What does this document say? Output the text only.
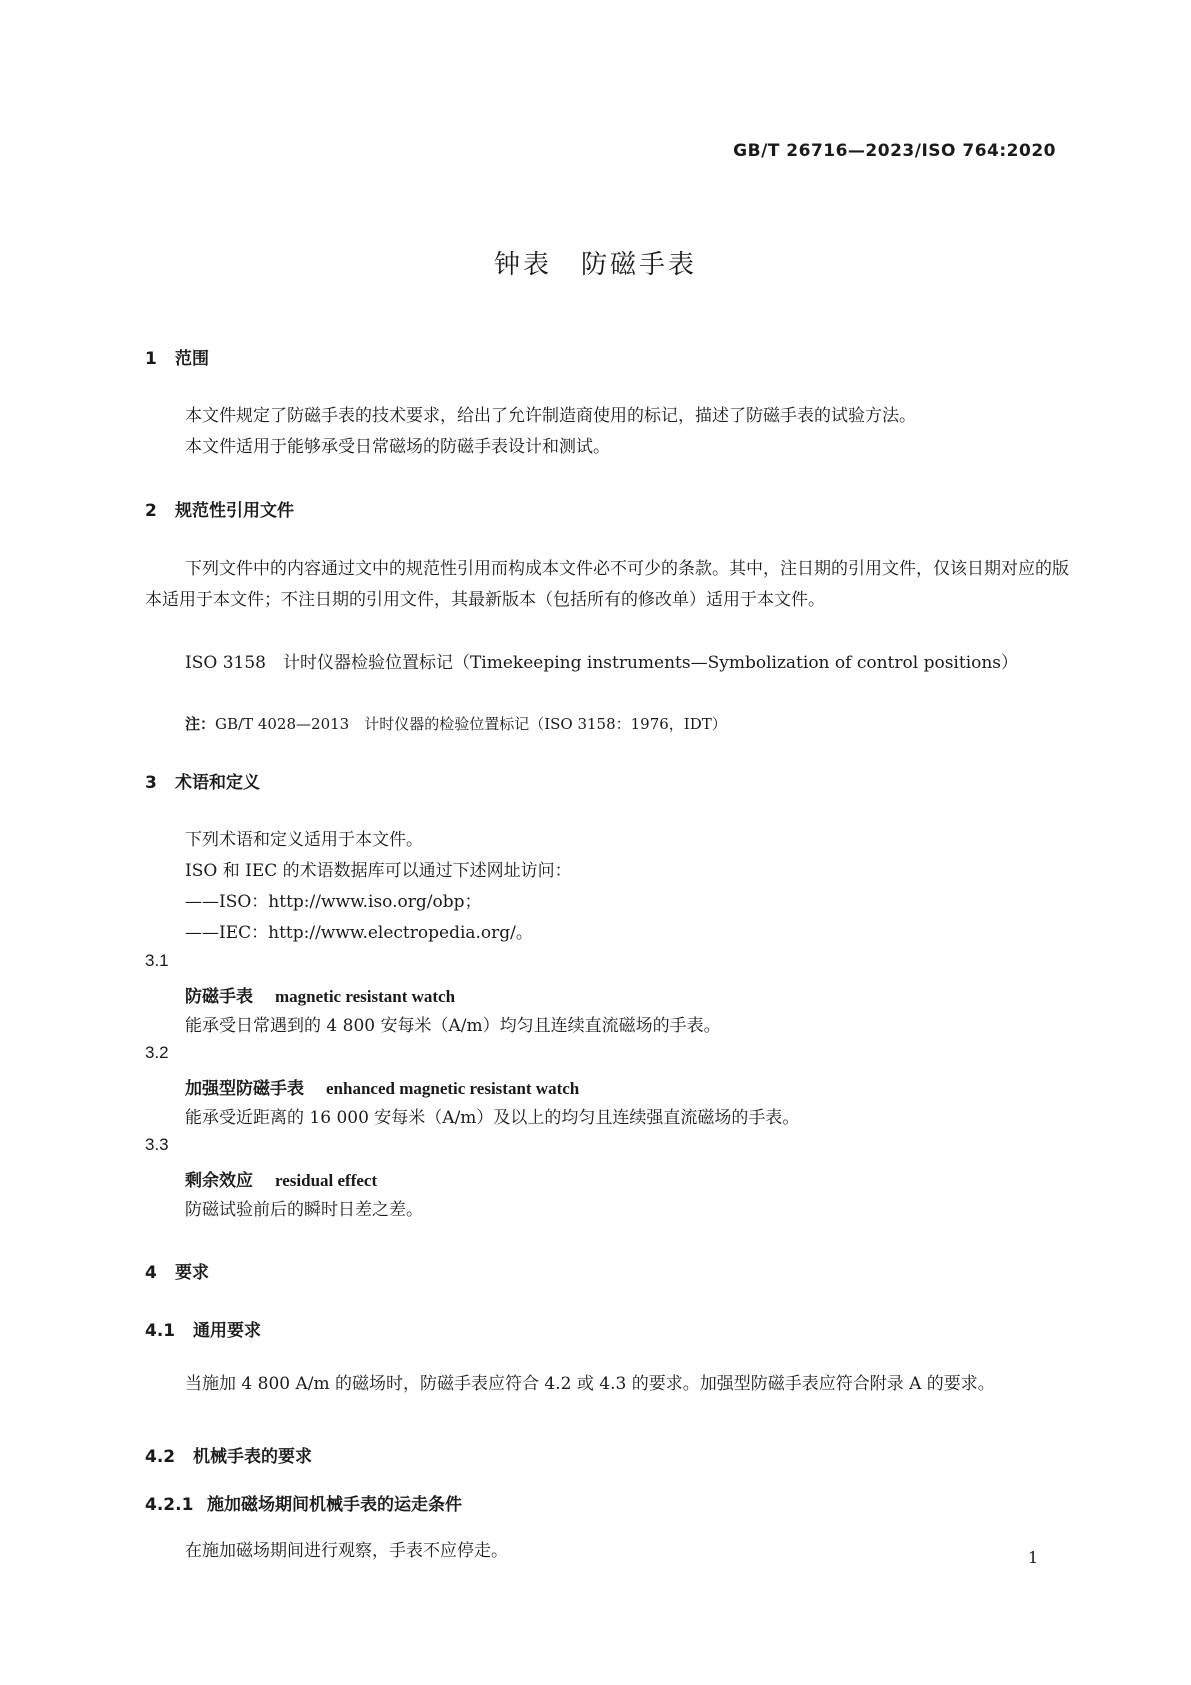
GB/T 26716—2023/ISO 764:2020
钟表　防磁手表
1 范围
本文件规定了防磁手表的技术要求，给出了允许制造商使用的标记，描述了防磁手表的试验方法。
本文件适用于能够承受日常磁场的防磁手表设计和测试。
2 规范性引用文件
下列文件中的内容通过文中的规范性引用而构成本文件必不可少的条款。其中，注日期的引用文件，仅该日期对应的版本适用于本文件；不注日期的引用文件，其最新版本（包括所有的修改单）适用于本文件。
ISO 3158　计时仪器检验位置标记（Timekeeping instruments—Symbolization of control positions）
注：GB/T 4028—2013　计时仪器的检验位置标记（ISO 3158：1976，IDT）
3 术语和定义
下列术语和定义适用于本文件。
ISO 和 IEC 的术语数据库可以通过下述网址访问：
——ISO：http://www.iso.org/obp；
——IEC：http://www.electropedia.org/。
3.1
防磁手表 magnetic resistant watch
能承受日常遇到的 4 800 安每米（A/m）均匀且连续直流磁场的手表。
3.2
加强型防磁手表 enhanced magnetic resistant watch
能承受近距离的 16 000 安每米（A/m）及以上的均匀且连续强直流磁场的手表。
3.3
剩余效应 residual effect
防磁试验前后的瞬时日差之差。
4 要求
4.1 通用要求
当施加 4 800 A/m 的磁场时，防磁手表应符合 4.2 或 4.3 的要求。加强型防磁手表应符合附录 A 的要求。
4.2 机械手表的要求
4.2.1 施加磁场期间机械手表的运走条件
在施加磁场期间进行观察，手表不应停走。	1
